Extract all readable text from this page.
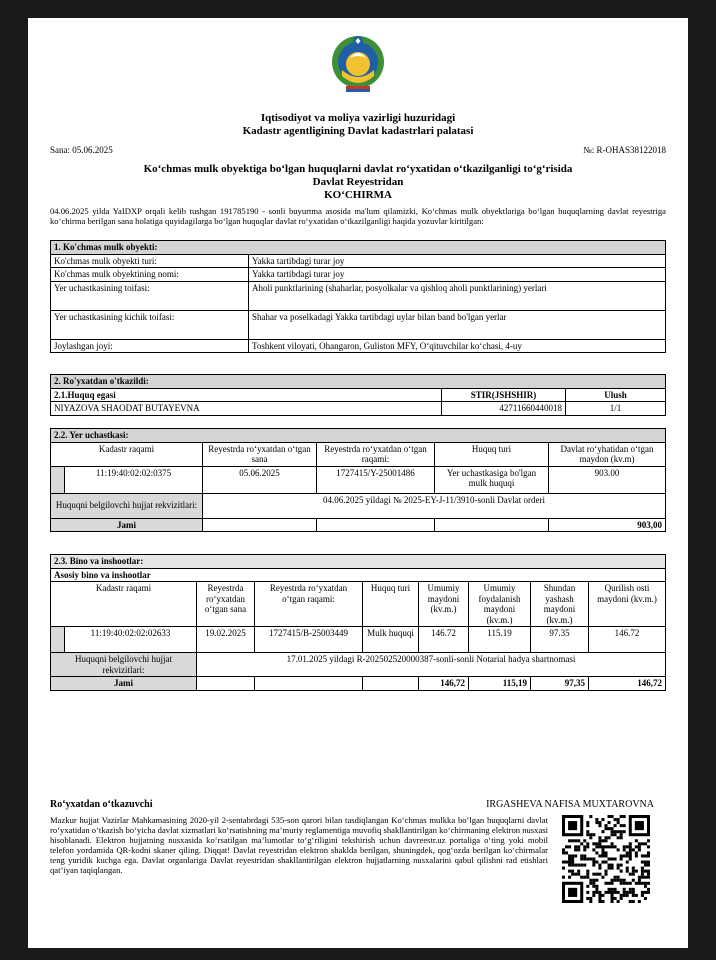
Iqtisodiyot va moliya vazirligi huzuridagi
Kadastr agentligining Davlat kadastrlari palatasi
Sana: 05.06.2025	№: R-OHAS38122018
Ko‘chmas mulk obyektiga bo‘lgan huquqlarni davlat ro‘yxatidan o‘tkazilganligi to‘g‘risida
Davlat Reyestridan
KO‘CHIRMA
04.06.2025 yilda YaIDXP orqali kelib tushgan 191785190 - sonli buyurtma asosida ma'lum qilamizki, Ko‘chmas mulk obyektlariga bo‘lgan huquqlarning davlat reyestriga ko‘chirma berilgan sana holatiga quyidagilarga bo‘lgan huquqlar davlat ro‘yxatidan o‘tkazilganligi haqida yozuvlar kiritilgan:
1. Ko'chmas mulk obyekti:	
Ko'chmas mulk obyekti turi:	Yakka tartibdagi turar joy
Ko'chmas mulk obyektining nomi:	Yakka tartibdagi turar joy
Yer uchastkasining toifasi:	Aholi punktlarining (shaharlar, posyolkalar va qishloq aholi punktlarining) yerlari
Yer uchastkasining kichik toifasi:	Shahar va poselkadagi Yakka tartibdagi uylar bilan band bo'lgan yerlar
Joylashgan joyi:	Toshkent viloyati, Ohangaron, Guliston MFY, O‘qituvchilar ko‘chasi, 4-uy
2. Ro'yxatdan o'tkazildi:		
2.1.Huquq egasi	STIR(JSHSHIR)	Ulush
NIYAZOVA SHAODAT BUTAYEVNA	42711660440018	1/1
2.2. Yer uchastkasi:					
Kadastr raqami		Reyestrda ro‘yxatdan o‘tgan sana	Reyestrda ro‘yxatdan o‘tgan raqami:	Huquq turi	Davlat ro‘yhatidan o‘tgan maydon (kv.m)
	11:19:40:02:02:0375	05.06.2025	1727415/Y-25001486	Yer uchastkasiga bo'lgan mulk huquqi	903.00
Huquqni belgilovchi hujjat rekvizitlari:		04.06.2025 yildagi № 2025-EY-J-11/3910-sonli Davlat orderi			
Jami					903,00
2.3. Bino va inshootlar:								
Asosiy bino va inshootlar								
Kadastr raqami		Reyestrda ro‘yxatdan o‘tgan sana	Reyestrda ro‘yxatdan o‘tgan raqami:	Huquq turi	Umumiy maydoni (kv.m.)	Umumiy foydalanish maydoni (kv.m.)	Shundan yashash maydoni (kv.m.)	Qurilish osti maydoni (kv.m.)
	11:19:40:02:02:02633	19.02.2025	1727415/B-25003449	Mulk huquqi	146.72	115.19	97.35	146.72
Huquqni belgilovchi hujjat rekvizitlari:		17.01.2025 yildagi R-202502520000387-sonli-sonli Notarial hadya shartnomasi						
Jami					146,72	115,19	97,35	146,72
Ro‘yxatdan o‘tkazuvchi	IRGASHEVA NAFISA MUXTAROVNA
Mazkur hujjat Vazirlar Mahkamasining 2020-yil 2-sentabrdagi 535-son qarori bilan tasdiqlangan Ko‘chmas mulkka bo‘lgan huquqlarni davlat ro‘yxatidan o‘tkazish bo‘yicha davlat xizmatlari ko‘rsatishning ma’muriy reglamentiga muvofiq shakllantirilgan ko‘chirmaning elektron nusxasi hisoblanadi. Elektron hujjatning nusxasida ko‘rsatilgan ma’lumotlar to‘g‘riligini tekshirish uchun davreestr.uz portaliga o‘ting yoki mobil telefon yordamida QR-kodni skaner qiling. Diqqat! Davlat reyestridan elektron shaklda berilgan, shuningdek, qog‘ozda berilgan ko‘chirmalar teng yuridik kuchga ega. Davlat organlariga Davlat reyestridan shakllantirilgan elektron hujjatlarning nusxalarini qabul qilishni rad etishlari qat’iyan taqiqlangan.
